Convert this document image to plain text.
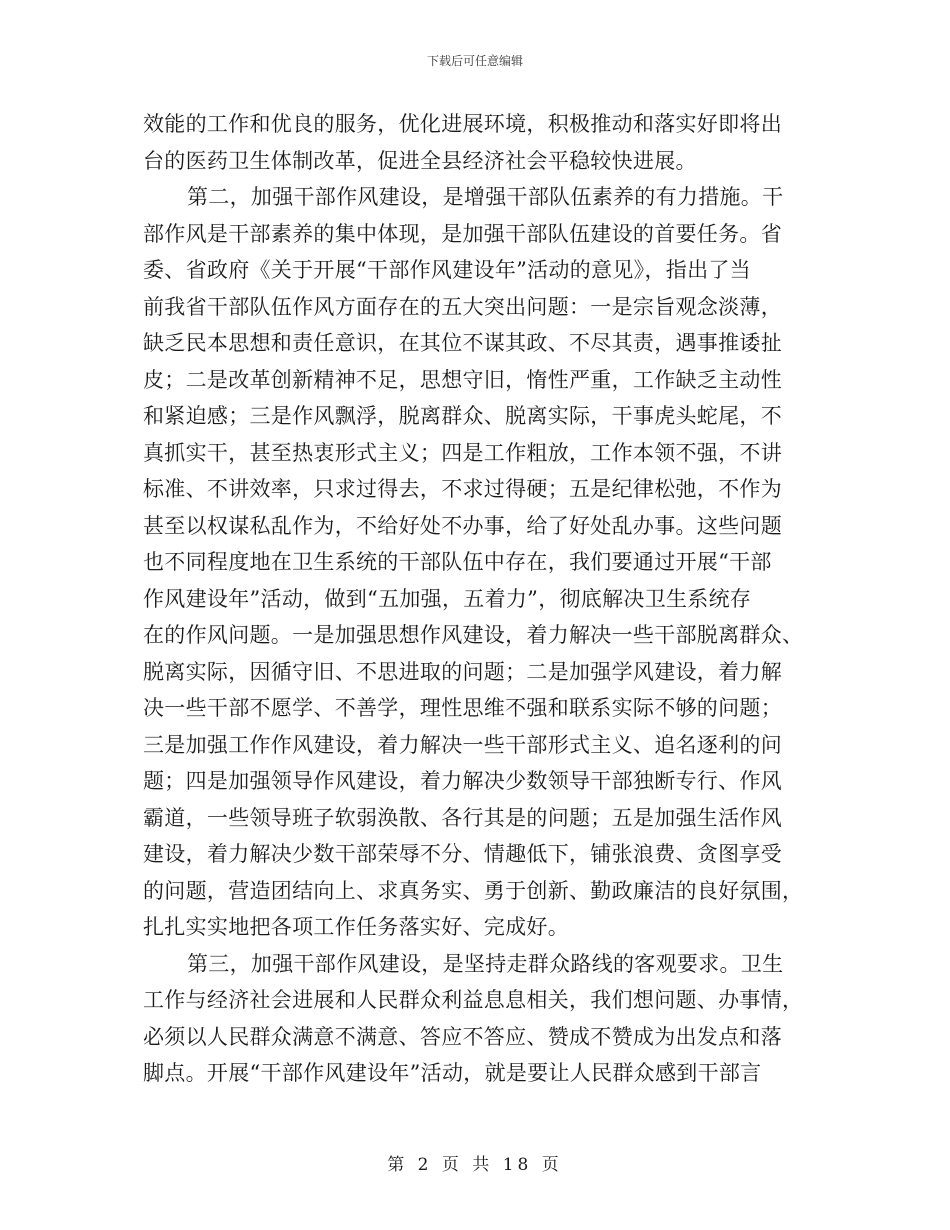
下载后可任意编辑
效能的工作和优良的服务，优化进展环境，积极推动和落实好即将出
台的医药卫生体制改革，促进全县经济社会平稳较快进展。
第二，加强干部作风建设，是增强干部队伍素养的有力措施。干
部作风是干部素养的集中体现，是加强干部队伍建设的首要任务。省
委、省政府《关于开展“干部作风建设年”活动的意见》，指出了当
前我省干部队伍作风方面存在的五大突出问题：一是宗旨观念淡薄，
缺乏民本思想和责任意识，在其位不谋其政、不尽其责，遇事推诿扯
皮；二是改革创新精神不足，思想守旧，惰性严重，工作缺乏主动性
和紧迫感；三是作风飘浮，脱离群众、脱离实际，干事虎头蛇尾，不
真抓实干，甚至热衷形式主义；四是工作粗放，工作本领不强，不讲
标准、不讲效率，只求过得去，不求过得硬；五是纪律松弛，不作为
甚至以权谋私乱作为，不给好处不办事，给了好处乱办事。这些问题
也不同程度地在卫生系统的干部队伍中存在，我们要通过开展“干部
作风建设年”活动，做到“五加强，五着力”，彻底解决卫生系统存
在的作风问题。一是加强思想作风建设，着力解决一些干部脱离群众、
脱离实际，因循守旧、不思进取的问题；二是加强学风建设，着力解
决一些干部不愿学、不善学，理性思维不强和联系实际不够的问题；
三是加强工作作风建设，着力解决一些干部形式主义、追名逐利的问
题；四是加强领导作风建设，着力解决少数领导干部独断专行、作风
霸道，一些领导班子软弱涣散、各行其是的问题；五是加强生活作风
建设，着力解决少数干部荣辱不分、情趣低下，铺张浪费、贪图享受
的问题，营造团结向上、求真务实、勇于创新、勤政廉洁的良好氛围，
扎扎实实地把各项工作任务落实好、完成好。
第三，加强干部作风建设，是坚持走群众路线的客观要求。卫生
工作与经济社会进展和人民群众利益息息相关，我们想问题、办事情，
必须以人民群众满意不满意、答应不答应、赞成不赞成为出发点和落
脚点。开展“干部作风建设年”活动，就是要让人民群众感到干部言
第 2 页 共 18 页
